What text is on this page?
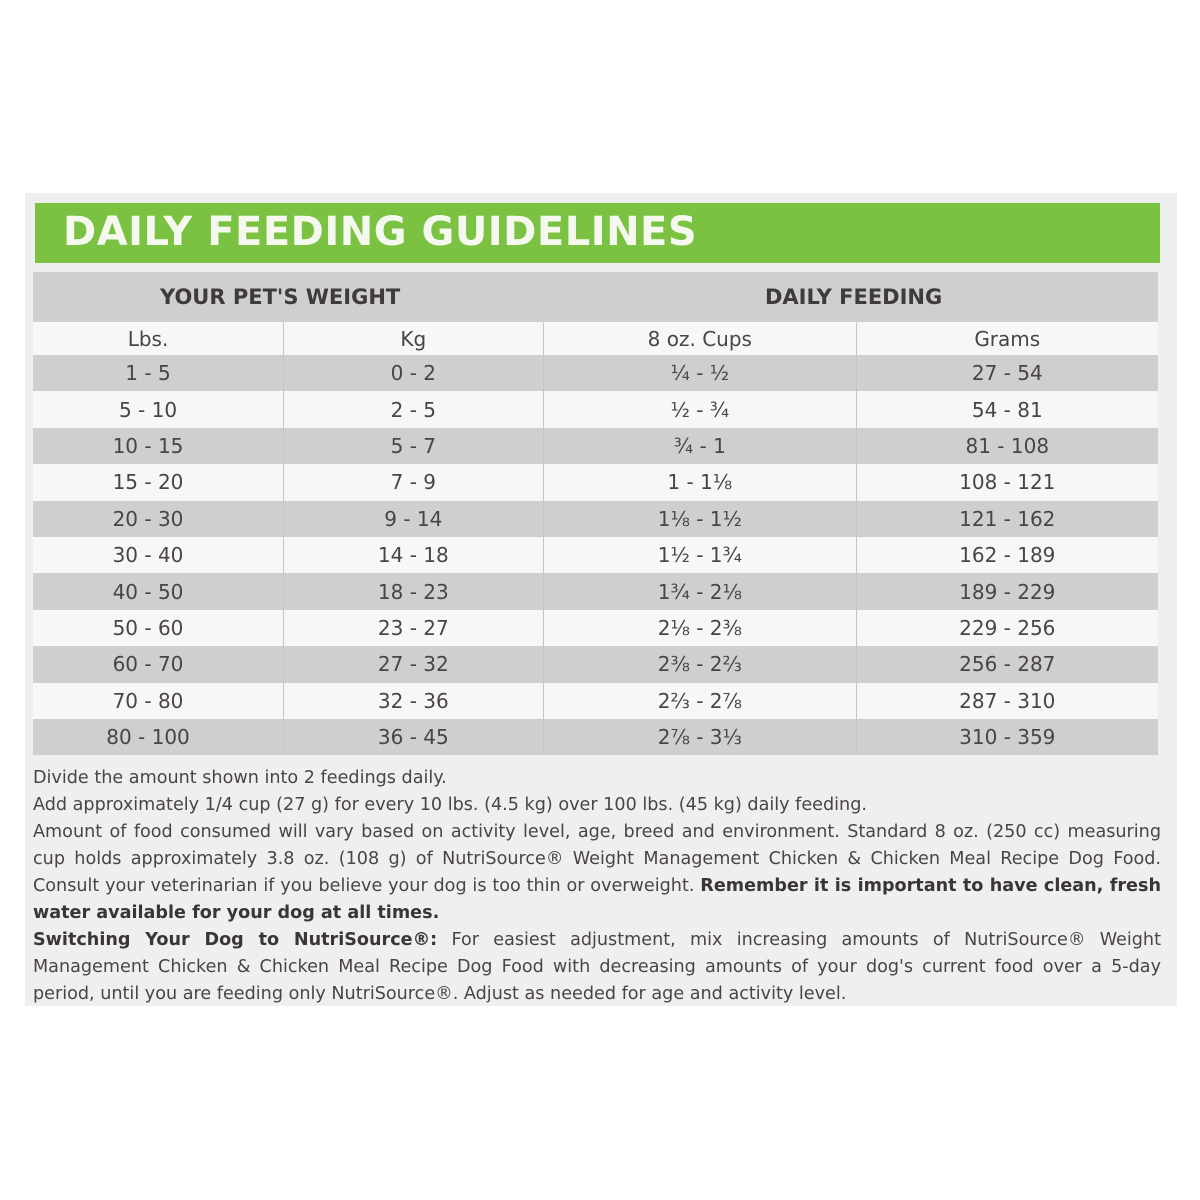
DAILY FEEDING GUIDELINES
YOUR PET'S WEIGHT	DAILY FEEDING
Lbs.	Kg	8 oz. Cups	Grams
1 - 5	0 - 2	¼ - ½	27 - 54
5 - 10	2 - 5	½ - ¾	54 - 81
10 - 15	5 - 7	¾ - 1	81 - 108
15 - 20	7 - 9	1 - 1⅛	108 - 121
20 - 30	9 - 14	1⅛ - 1½	121 - 162
30 - 40	14 - 18	1½ - 1¾	162 - 189
40 - 50	18 - 23	1¾ - 2⅛	189 - 229
50 - 60	23 - 27	2⅛ - 2⅜	229 - 256
60 - 70	27 - 32	2⅜ - 2⅔	256 - 287
70 - 80	32 - 36	2⅔ - 2⅞	287 - 310
80 - 100	36 - 45	2⅞ - 3⅓	310 - 359

Divide the amount shown into 2 feedings daily.

Add approximately 1/4 cup (27 g) for every 10 lbs. (4.5 kg) over 100 lbs. (45 kg) daily feeding.

Amount of food consumed will vary based on activity level, age, breed and environment. Standard 8 oz. (250 cc) measuring cup holds approximately 3.8 oz. (108 g) of NutriSource® Weight Management Chicken & Chicken Meal Recipe Dog Food. Consult your veterinarian if you believe your dog is too thin or overweight. Remember it is important to have clean, fresh water available for your dog at all times.

Switching Your Dog to NutriSource®: For easiest adjustment, mix increasing amounts of NutriSource® Weight Management Chicken & Chicken Meal Recipe Dog Food with decreasing amounts of your dog's current food over a 5-day period, until you are feeding only NutriSource®. Adjust as needed for age and activity level.
